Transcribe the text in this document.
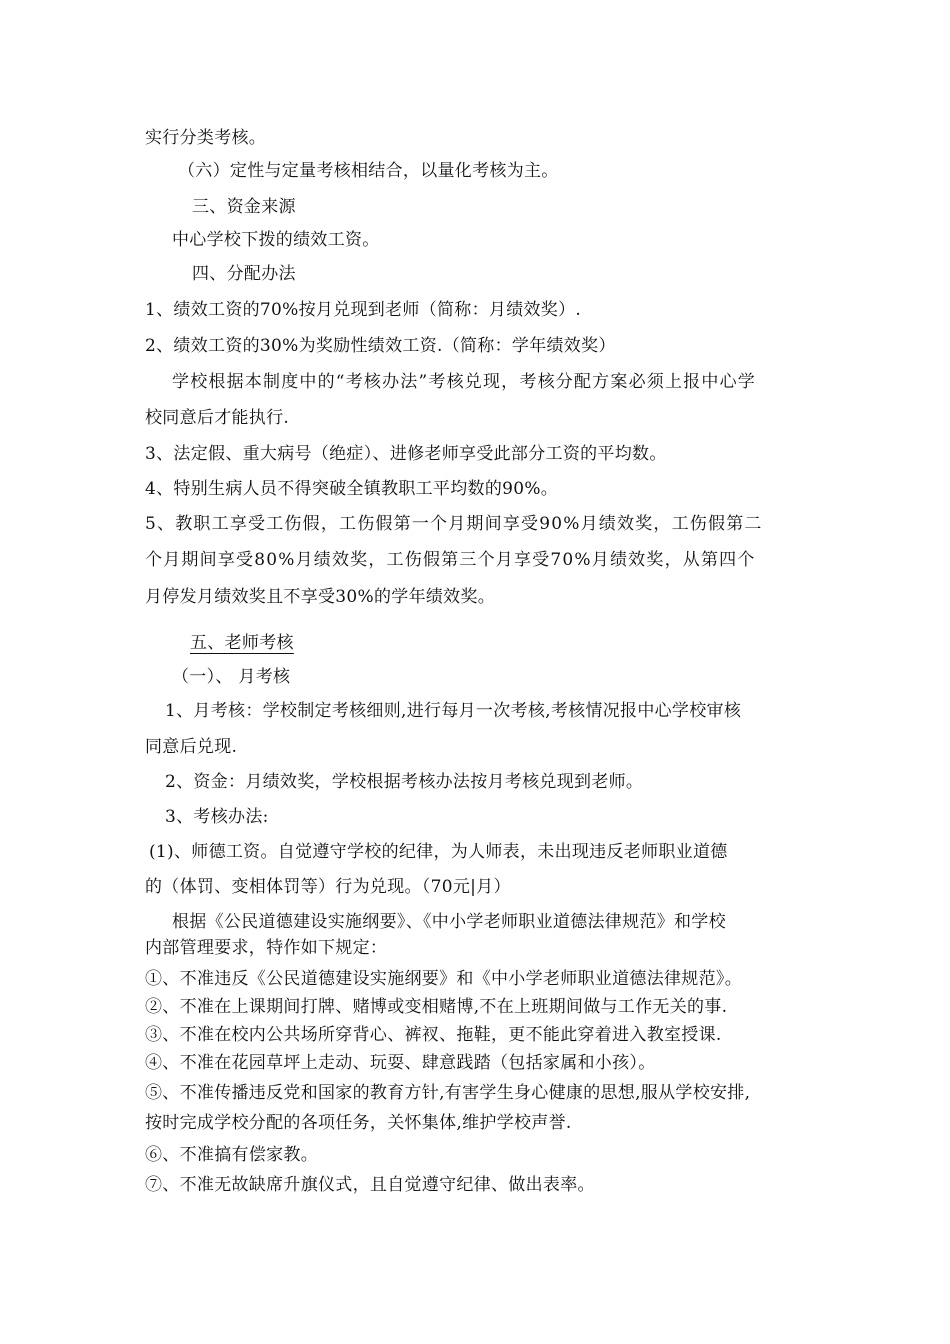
实行分类考核。
（六）定性与定量考核相结合，以量化考核为主。
三、资金来源
中心学校下拨的绩效工资。
四、分配办法
1、绩效工资的70%按月兑现到老师（简称：月绩效奖）.
2、绩效工资的30%为奖励性绩效工资.（简称：学年绩效奖）
学校根据本制度中的“考核办法”考核兑现，考核分配方案必须上报中心学
校同意后才能执行.
3、法定假、重大病号（绝症）、进修老师享受此部分工资的平均数。
4、特别生病人员不得突破全镇教职工平均数的90%。
5、教职工享受工伤假，工伤假第一个月期间享受90%月绩效奖，工伤假第二
个月期间享受80%月绩效奖，工伤假第三个月享受70%月绩效奖，从第四个
月停发月绩效奖且不享受30%的学年绩效奖。
五、老师考核
（一）、 月考核
1、月考核：学校制定考核细则,进行每月一次考核,考核情况报中心学校审核
同意后兑现.
2、资金：月绩效奖，学校根据考核办法按月考核兑现到老师。
3、考核办法:
(1)、师德工资。自觉遵守学校的纪律，为人师表，未出现违反老师职业道德
的（体罚、变相体罚等）行为兑现。（70元|月）
根据《公民道德建设实施纲要》、《中小学老师职业道德法律规范》和学校
内部管理要求，特作如下规定：
①、不准违反《公民道德建设实施纲要》和《中小学老师职业道德法律规范》。
②、不准在上课期间打牌、赌博或变相赌博,不在上班期间做与工作无关的事.
③、不准在校内公共场所穿背心、裤衩、拖鞋，更不能此穿着进入教室授课.
④、不准在花园草坪上走动、玩耍、肆意践踏（包括家属和小孩）。
⑤、不准传播违反党和国家的教育方针,有害学生身心健康的思想,服从学校安排,
按时完成学校分配的各项任务，关怀集体,维护学校声誉.
⑥、不准搞有偿家教。
⑦、不准无故缺席升旗仪式，且自觉遵守纪律、做出表率。
